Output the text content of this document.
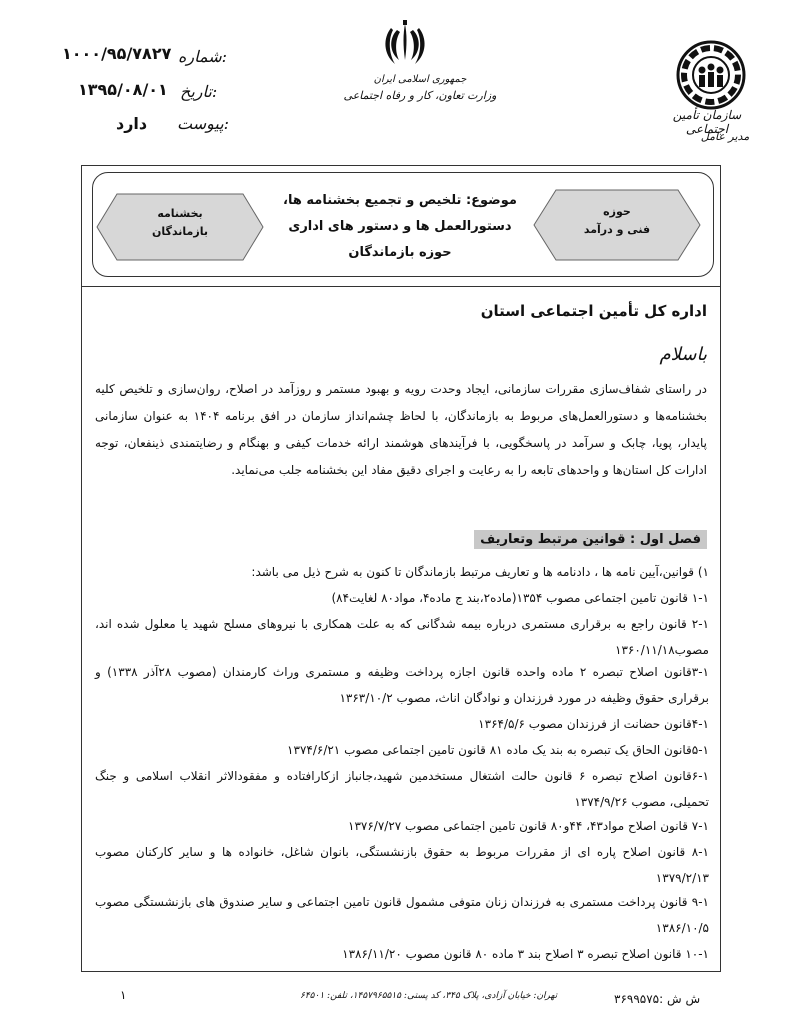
شماره:
۱۰۰۰/۹۵/۷۸۲۷
تاریخ:
۱۳۹۵/۰۸/۰۱
پیوست:
دارد
جمهوری اسلامی ایران
وزارت تعاون، کار و رفاه اجتماعی
سازمان تأمین اجتماعی
مدیر عامل
بخشنامه
بازماندگان
حوزه
فنی و درآمد
موضوع: تلخیص و تجمیع بخشنامه ها،
دستورالعمل ها و دستور های اداری
حوزه بازماندگان
اداره کل تأمین اجتماعی استان
باسلام
در راستای شفاف‌سازی مقررات سازمانی، ایجاد وحدت رویه و بهبود مستمر و روزآمد در اصلاح، روان‌سازی و تلخیص کلیه بخشنامه‌ها و دستورالعمل‌های مربوط به بازماندگان، با لحاظ چشم‌انداز سازمان در افق برنامه ۱۴۰۴ به عنوان سازمانی پایدار، پویا، چابک و سرآمد در پاسخگویی، با فرآیندهای هوشمند ارائه خدمات کیفی و بهنگام و رضایتمندی ذینفعان، توجه ادارات کل استان‌ها و واحدهای تابعه را به رعایت و اجرای دقیق مفاد این بخشنامه جلب می‌نماید.
فصل اول : قوانین مرتبط وتعاریف
۱) قوانین،آیین نامه ها ، دادنامه ها و تعاریف مرتبط بازماندگان تا کنون به شرح ذیل می باشد:
۱-۱ قانون تامین اجتماعی مصوب ۱۳۵۴(ماده۲،بند ج ماده۴، مواد۸۰ لغایت۸۴)
۲-۱ قانون راجع به برقراری مستمری درباره بیمه شدگانی که به علت همکاری با نیروهای مسلح شهید یا معلول شده اند، مصوب۱۳۶۰/۱۱/۱۸
۳-۱قانون اصلاح تبصره ۲ ماده واحده قانون اجازه پرداخت وظیفه و مستمری وراث کارمندان (مصوب ۲۸آذر ۱۳۳۸) و برقراری حقوق وظیفه در مورد فرزندان و نوادگان اناث، مصوب ۱۳۶۳/۱۰/۲
۴-۱قانون حضانت از فرزندان مصوب ۱۳۶۴/۵/۶
۵-۱قانون الحاق یک تبصره به بند یک ماده ۸۱ قانون تامین اجتماعی مصوب ۱۳۷۴/۶/۲۱
۶-۱قانون اصلاح تبصره ۶ قانون حالت اشتغال مستخدمین شهید،جانباز ازکارافتاده و مفقودالاثر انقلاب اسلامی و جنگ تحمیلی، مصوب ۱۳۷۴/۹/۲۶
۷-۱ قانون اصلاح مواد۴۳، ۴۴و۸۰ قانون تامین اجتماعی مصوب ۱۳۷۶/۷/۲۷
۸-۱ قانون اصلاح پاره ای از مقررات مربوط به حقوق بازنشستگی، بانوان شاغل، خانواده ها و سایر کارکنان مصوب ۱۳۷۹/۲/۱۳
۹-۱ قانون پرداخت مستمری به فرزندان زنان متوفی مشمول قانون تامین اجتماعی و سایر صندوق های بازنشستگی مصوب ۱۳۸۶/۱۰/۵
۱۰-۱ قانون اصلاح تبصره ۳ اصلاح بند ۳ ماده ۸۰ قانون مصوب ۱۳۸۶/۱۱/۲۰
۱	تهران: خیابان آزادی، پلاک ۳۴۵، کد پستی: ۱۴۵۷۹۶۵۵۱۵، تلفن: ۶۴۵۰۱	ش ش :۳۶۹۹۵۷۵
